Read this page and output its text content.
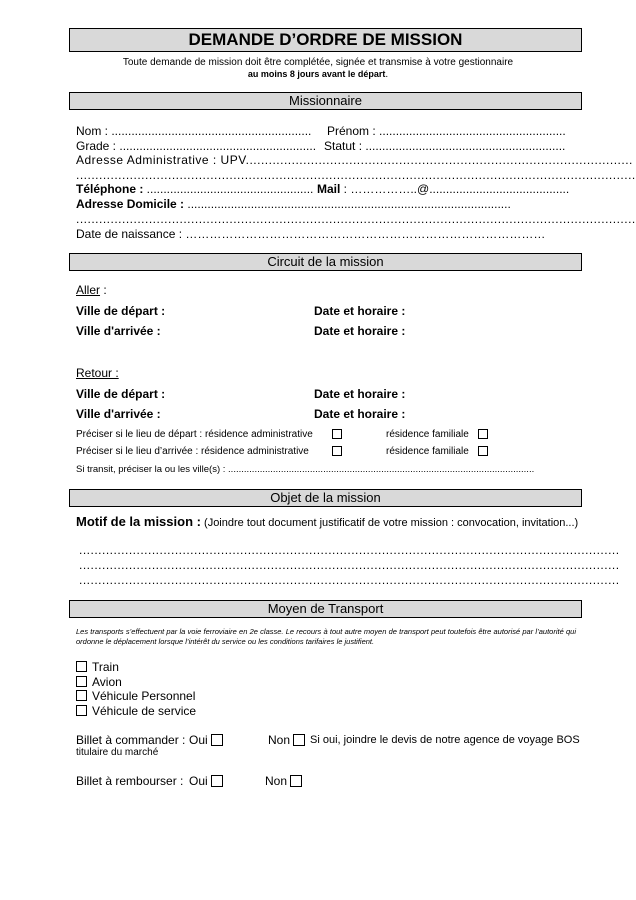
DEMANDE D’ORDRE DE MISSION
Toute demande de mission doit être complétée, signée et transmise à votre gestionnaire
au moins 8 jours avant le départ.
Missionnaire
Nom : ............................................................ Prénom : ........................................................
Grade : ........................................................... Statut : ............................................................
Adresse Administrative : UPV.....................................................................................................
..................................................................................................................................................
Téléphone : .................................................. Mail : ……………..@..........................................
Adresse Domicile : .................................................................................................
..................................................................................................................................................
Date de naissance : ………………………………………………………………………………
Circuit de la mission
Aller :
Ville de départ :	Date et horaire :
Ville d'arrivée :	Date et horaire :
Retour :
Ville de départ :	Date et horaire :
Ville d'arrivée :	Date et horaire :
Préciser si le lieu de départ : résidence administrative	résidence familiale
Préciser si le lieu d’arrivée : résidence administrative	résidence familiale
Si transit, préciser la ou les ville(s) : ....................................................................................................................
Objet de la mission
Motif de la mission : (Joindre tout document justificatif de votre mission : convocation, invitation...)
.............................................................................................................................................
.............................................................................................................................................
.............................................................................................................................................
Moyen de Transport
Les transports s’effectuent par la voie ferroviaire en 2e classe. Le recours à tout autre moyen de transport peut toutefois être autorisé par l’autorité qui ordonne le déplacement lorsque l’intérêt du service ou les conditions tarifaires le justifient.
Train
Avion
Véhicule Personnel
Véhicule de service
Billet à commander : Oui	Non Si oui, joindre le devis de notre agence de voyage BOS
titulaire du marché
Billet à rembourser : Oui	Non
